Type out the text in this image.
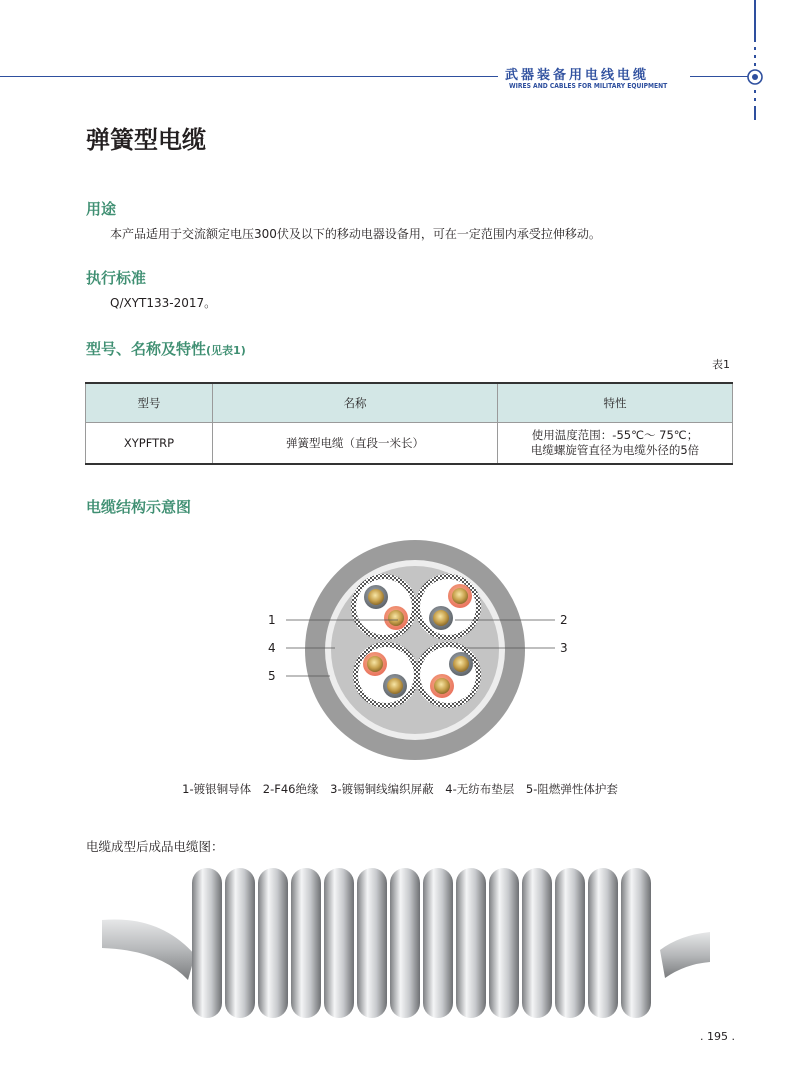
武器装备用电线电缆
WIRES AND CABLES FOR MILITARY EQUIPMENT
弹簧型电缆
用途
本产品适用于交流额定电压300伏及以下的移动电器设备用，可在一定范围内承受拉伸移动。
执行标准
Q/XYT133-2017。
型号、名称及特性(见表1)
表1
型号	名称	特性
XYPFTRP	弹簧型电缆（直段一米长）	使用温度范围：-55℃～ 75℃；
电缆螺旋管直径为电缆外径的5倍
电缆结构示意图
1	2
3
4
5
1-镀银铜导体 2-F46绝缘 3-镀锡铜线编织屏蔽 4-无纺布垫层 5-阻燃弹性体护套
电缆成型后成品电缆图：
. 195 .
